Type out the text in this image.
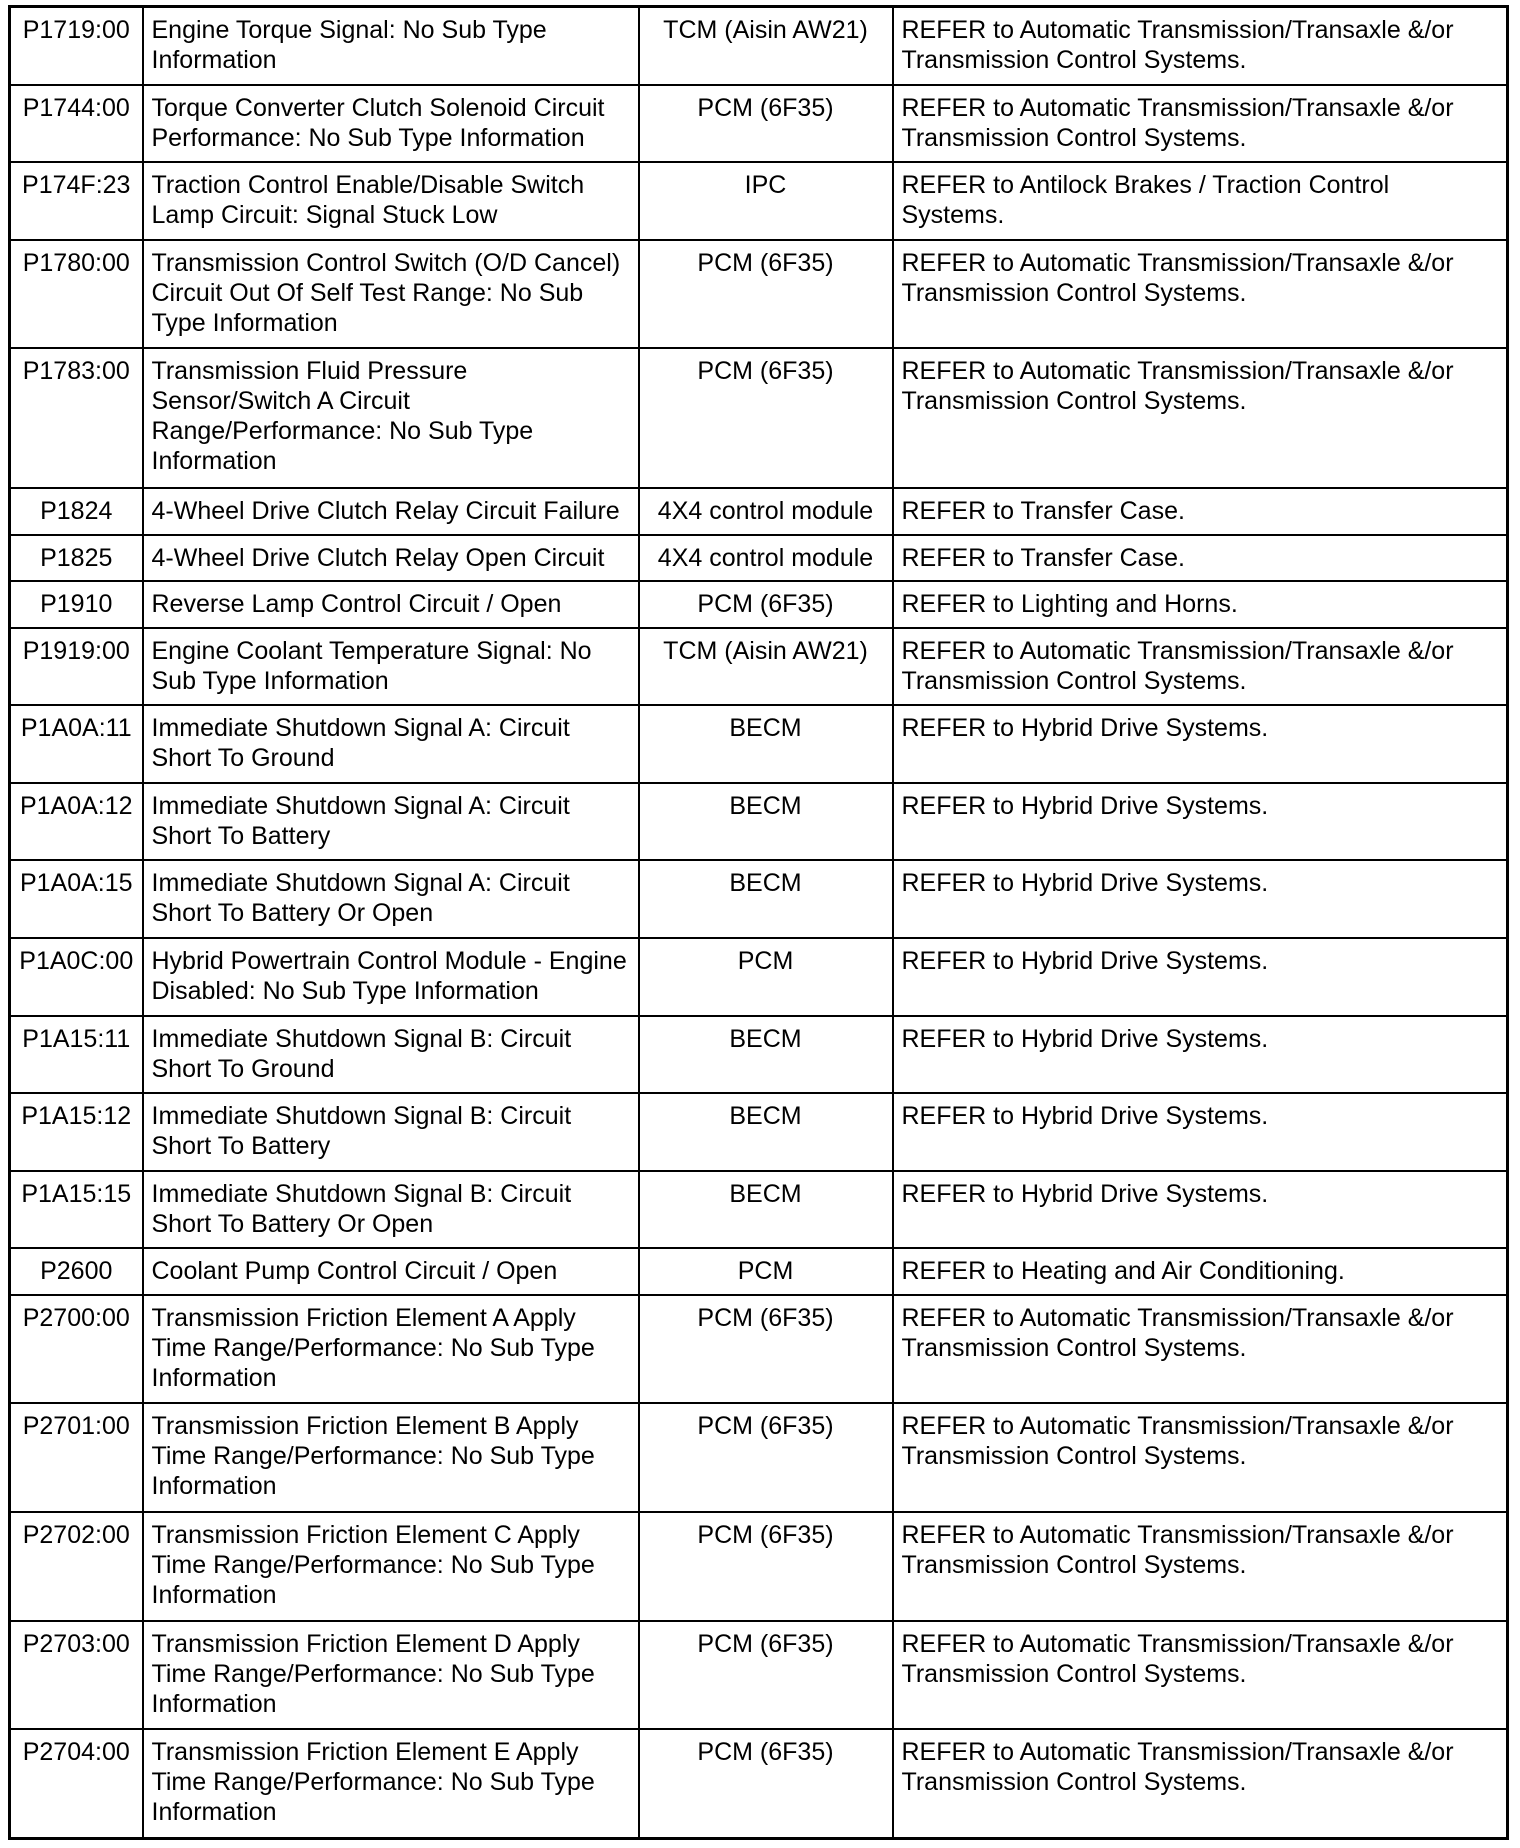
P1719:00	Engine Torque Signal: No Sub Type Information	TCM (Aisin AW21)	REFER to Automatic Transmission/Transaxle &/or Transmission Control Systems.
P1744:00	Torque Converter Clutch Solenoid Circuit Performance: No Sub Type Information	PCM (6F35)	REFER to Automatic Transmission/Transaxle &/or Transmission Control Systems.
P174F:23	Traction Control Enable/Disable Switch Lamp Circuit: Signal Stuck Low	IPC	REFER to Antilock Brakes / Traction Control Systems.
P1780:00	Transmission Control Switch (O/D Cancel) Circuit Out Of Self Test Range: No Sub Type Information	PCM (6F35)	REFER to Automatic Transmission/Transaxle &/or Transmission Control Systems.
P1783:00	Transmission Fluid Pressure Sensor/Switch A Circuit Range/Performance: No Sub Type Information	PCM (6F35)	REFER to Automatic Transmission/Transaxle &/or Transmission Control Systems.
P1824	4-Wheel Drive Clutch Relay Circuit Failure	4X4 control module	REFER to Transfer Case.
P1825	4-Wheel Drive Clutch Relay Open Circuit	4X4 control module	REFER to Transfer Case.
P1910	Reverse Lamp Control Circuit / Open	PCM (6F35)	REFER to Lighting and Horns.
P1919:00	Engine Coolant Temperature Signal: No Sub Type Information	TCM (Aisin AW21)	REFER to Automatic Transmission/Transaxle &/or Transmission Control Systems.
P1A0A:11	Immediate Shutdown Signal A: Circuit Short To Ground	BECM	REFER to Hybrid Drive Systems.
P1A0A:12	Immediate Shutdown Signal A: Circuit Short To Battery	BECM	REFER to Hybrid Drive Systems.
P1A0A:15	Immediate Shutdown Signal A: Circuit Short To Battery Or Open	BECM	REFER to Hybrid Drive Systems.
P1A0C:00	Hybrid Powertrain Control Module - Engine Disabled: No Sub Type Information	PCM	REFER to Hybrid Drive Systems.
P1A15:11	Immediate Shutdown Signal B: Circuit Short To Ground	BECM	REFER to Hybrid Drive Systems.
P1A15:12	Immediate Shutdown Signal B: Circuit Short To Battery	BECM	REFER to Hybrid Drive Systems.
P1A15:15	Immediate Shutdown Signal B: Circuit Short To Battery Or Open	BECM	REFER to Hybrid Drive Systems.
P2600	Coolant Pump Control Circuit / Open	PCM	REFER to Heating and Air Conditioning.
P2700:00	Transmission Friction Element A Apply Time Range/Performance: No Sub Type Information	PCM (6F35)	REFER to Automatic Transmission/Transaxle &/or Transmission Control Systems.
P2701:00	Transmission Friction Element B Apply Time Range/Performance: No Sub Type Information	PCM (6F35)	REFER to Automatic Transmission/Transaxle &/or Transmission Control Systems.
P2702:00	Transmission Friction Element C Apply Time Range/Performance: No Sub Type Information	PCM (6F35)	REFER to Automatic Transmission/Transaxle &/or Transmission Control Systems.
P2703:00	Transmission Friction Element D Apply Time Range/Performance: No Sub Type Information	PCM (6F35)	REFER to Automatic Transmission/Transaxle &/or Transmission Control Systems.
P2704:00	Transmission Friction Element E Apply Time Range/Performance: No Sub Type Information	PCM (6F35)	REFER to Automatic Transmission/Transaxle &/or Transmission Control Systems.
